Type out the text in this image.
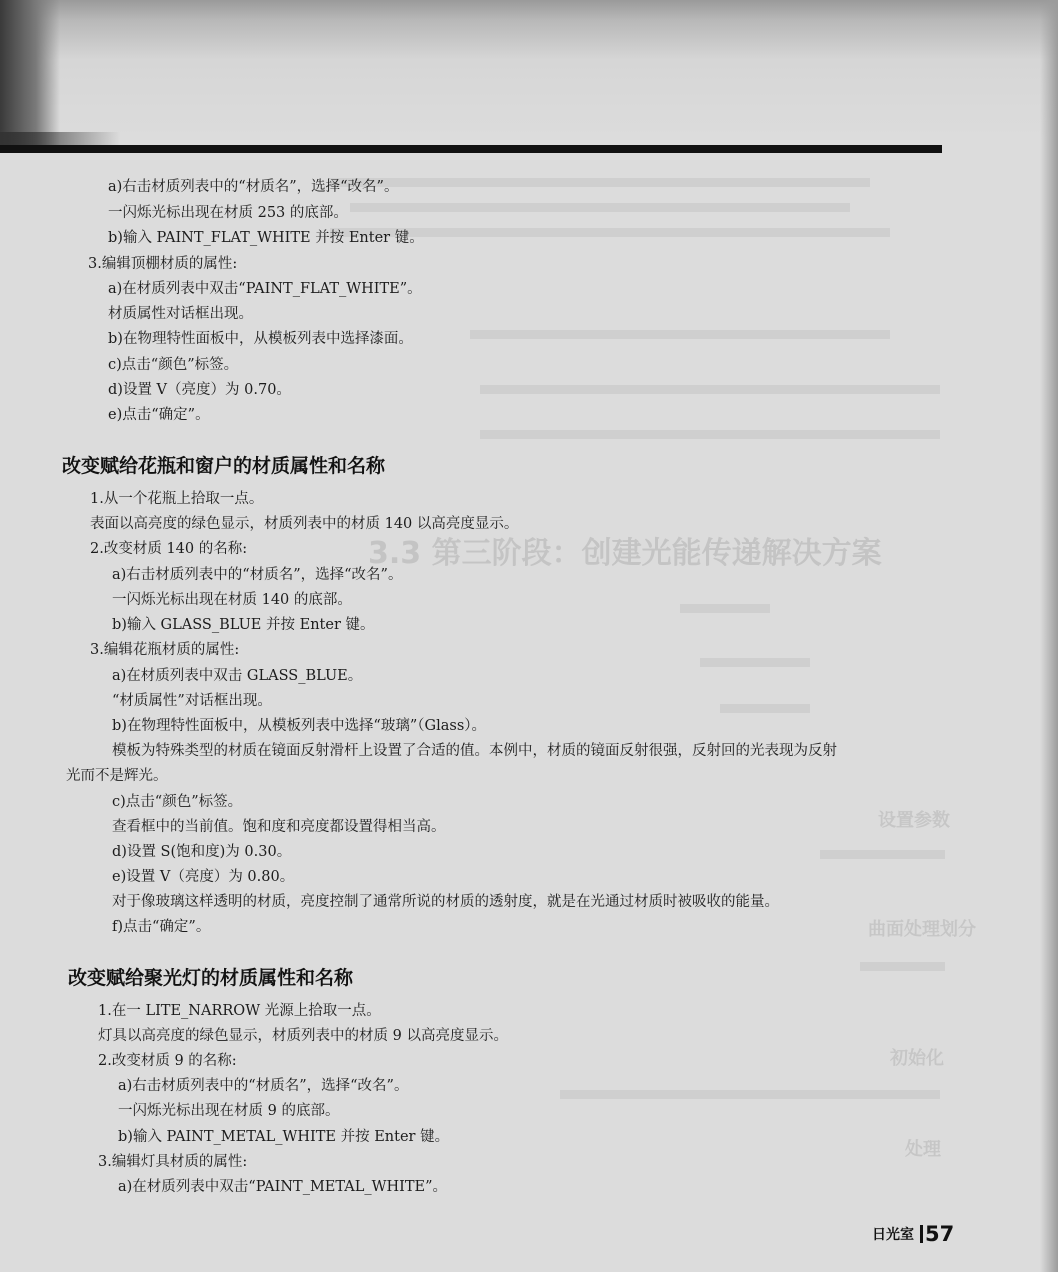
3.3 第三阶段：创建光能传递解决方案
设置参数
曲面处理划分
初始化
处理
a)右击材质列表中的“材质名”，选择“改名”。
一闪烁光标出现在材质 253 的底部。
b)输入 PAINT_FLAT_WHITE 并按 Enter 键。
3.编辑顶棚材质的属性:
a)在材质列表中双击“PAINT_FLAT_WHITE”。
材质属性对话框出现。
b)在物理特性面板中，从模板列表中选择漆面。
c)点击“颜色”标签。
d)设置 V（亮度）为 0.70。
e)点击“确定”。
改变赋给花瓶和窗户的材质属性和名称
1.从一个花瓶上拾取一点。
表面以高亮度的绿色显示，材质列表中的材质 140 以高亮度显示。
2.改变材质 140 的名称:
a)右击材质列表中的“材质名”，选择“改名”。
一闪烁光标出现在材质 140 的底部。
b)输入 GLASS_BLUE 并按 Enter 键。
3.编辑花瓶材质的属性:
a)在材质列表中双击 GLASS_BLUE。
“材质属性”对话框出现。
b)在物理特性面板中，从模板列表中选择“玻璃”（Glass）。
模板为特殊类型的材质在镜面反射滑杆上设置了合适的值。本例中，材质的镜面反射很强，反射回的光表现为反射
光而不是辉光。
c)点击“颜色”标签。
查看框中的当前值。饱和度和亮度都设置得相当高。
d)设置 S(饱和度)为 0.30。
e)设置 V（亮度）为 0.80。
对于像玻璃这样透明的材质，亮度控制了通常所说的材质的透射度，就是在光通过材质时被吸收的能量。
f)点击“确定”。
改变赋给聚光灯的材质属性和名称
1.在一 LITE_NARROW 光源上拾取一点。
灯具以高亮度的绿色显示，材质列表中的材质 9 以高亮度显示。
2.改变材质 9 的名称:
a)右击材质列表中的“材质名”，选择“改名”。
一闪烁光标出现在材质 9 的底部。
b)输入 PAINT_METAL_WHITE 并按 Enter 键。
3.编辑灯具材质的属性:
a)在材质列表中双击“PAINT_METAL_WHITE”。
日光室 57
